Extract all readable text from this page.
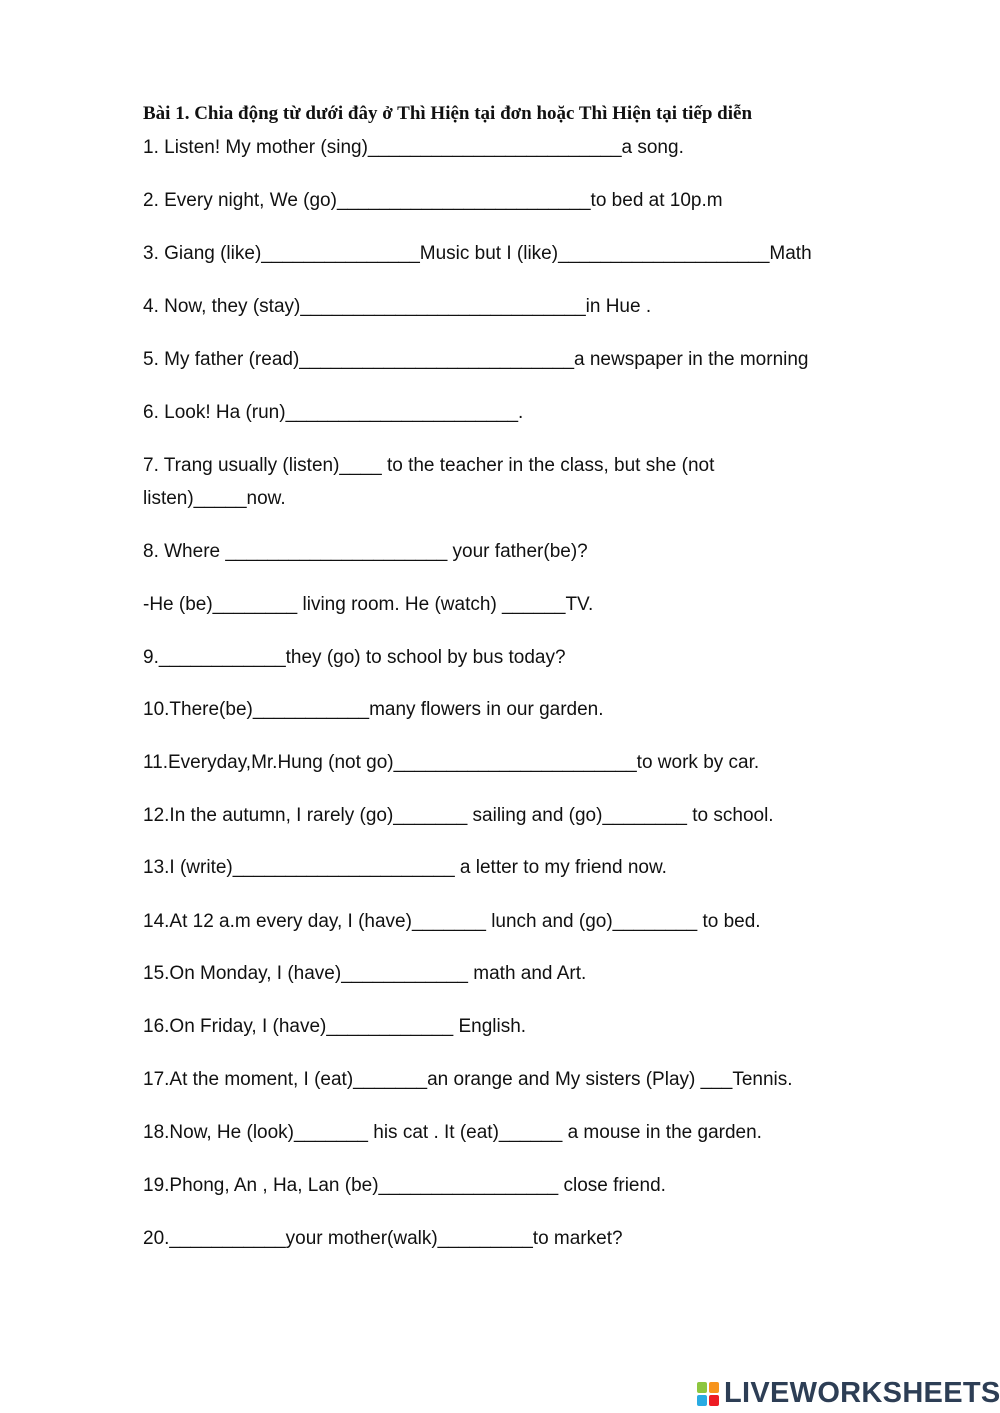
Bài 1. Chia động từ dưới đây ở Thì Hiện tại đơn hoặc Thì Hiện tại tiếp diễn
1. Listen! My mother (sing)________________________a song.
2. Every night, We (go)________________________to bed at 10p.m
3. Giang (like)_______________Music but I (like)____________________Math
4. Now, they (stay)___________________________in Hue .
5. My father (read)__________________________a newspaper in the morning
6. Look! Ha (run)______________________.
7. Trang usually (listen)____ to the teacher in the class, but she (not
listen)_____now.
8. Where _____________________ your father(be)?
-He (be)________ living room. He (watch) ______TV.
9.____________they (go) to school by bus today?
10.There(be)___________many flowers in our garden.
11.Everyday,Mr.Hung (not go)_______________________to work by car.
12.In the autumn, I rarely (go)_______ sailing and (go)________ to school.
13.I (write)_____________________ a letter to my friend now.
14.At 12 a.m every day, I (have)_______ lunch and (go)________ to bed.
15.On Monday, I (have)____________ math and Art.
16.On Friday, I (have)____________ English.
17.At the moment, I (eat)_______an orange and My sisters (Play) ___Tennis.
18.Now, He (look)_______ his cat . It (eat)______ a mouse in the garden.
19.Phong, An , Ha, Lan (be)_________________ close friend.
20.___________your mother(walk)_________to market?
LIVEWORKSHEETS
